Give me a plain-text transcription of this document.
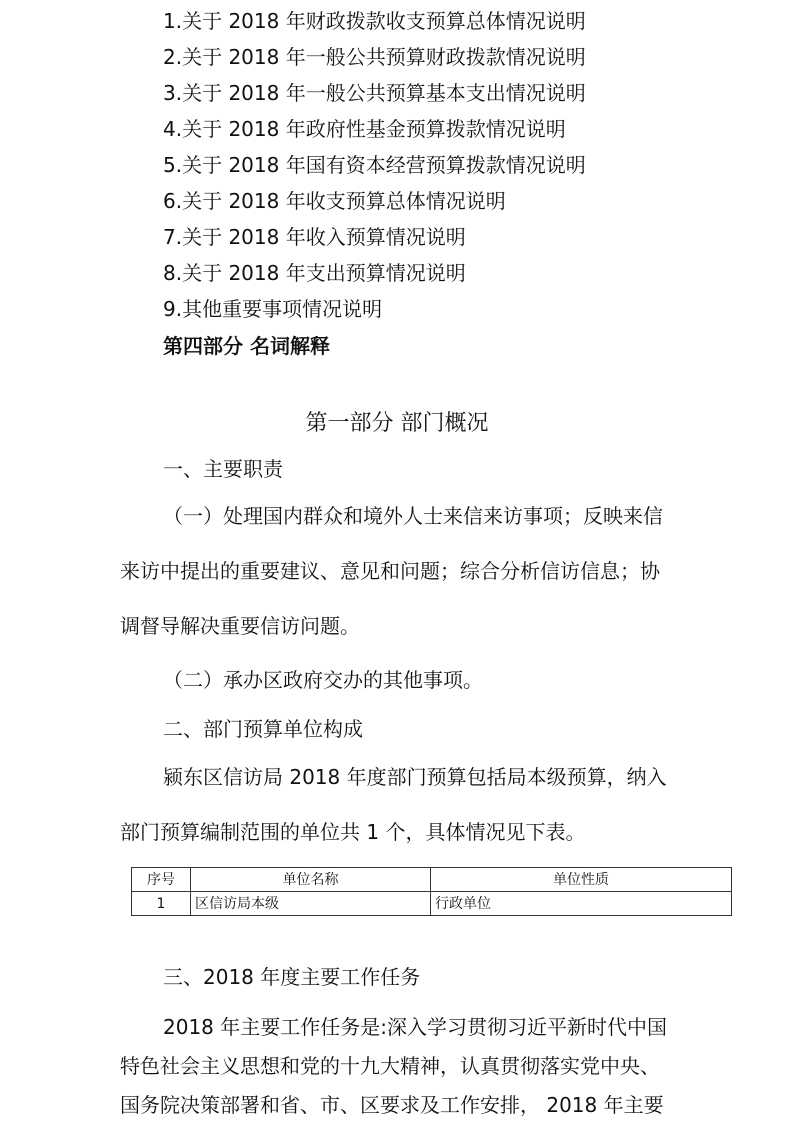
1.关于 2018 年财政拨款收支预算总体情况说明
2.关于 2018 年一般公共预算财政拨款情况说明
3.关于 2018 年一般公共预算基本支出情况说明
4.关于 2018 年政府性基金预算拨款情况说明
5.关于 2018 年国有资本经营预算拨款情况说明
6.关于 2018 年收支预算总体情况说明
7.关于 2018 年收入预算情况说明
8.关于 2018 年支出预算情况说明
9.其他重要事项情况说明
第四部分 名词解释
第一部分 部门概况
一、主要职责
（一）处理国内群众和境外人士来信来访事项；反映来信
来访中提出的重要建议、意见和问题；综合分析信访信息；协
调督导解决重要信访问题。
（二）承办区政府交办的其他事项。
二、部门预算单位构成
颍东区信访局 2018 年度部门预算包括局本级预算，纳入
部门预算编制范围的单位共 1 个，具体情况见下表。
序号	单位名称	单位性质
1	区信访局本级	行政单位
三、2018 年度主要工作任务
2018 年主要工作任务是:深入学习贯彻习近平新时代中国
特色社会主义思想和党的十九大精神，认真贯彻落实党中央、
国务院决策部署和省、市、区要求及工作安排， 2018 年主要
